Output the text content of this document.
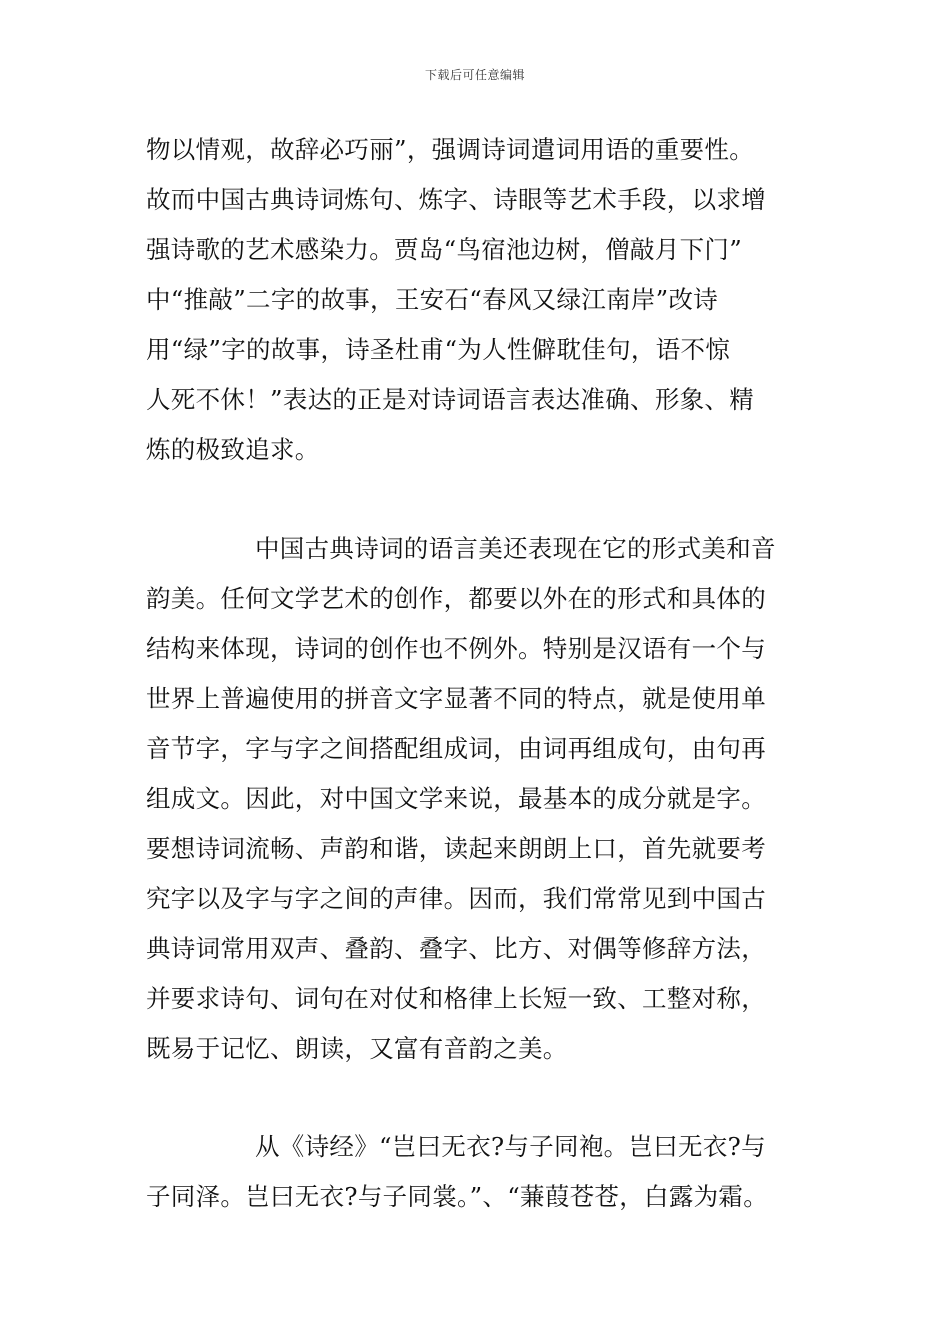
下载后可任意编辑
物以情观，故辞必巧丽”，强调诗词遣词用语的重要性。
故而中国古典诗词炼句、炼字、诗眼等艺术手段，以求增
强诗歌的艺术感染力。贾岛“鸟宿池边树，僧敲月下门”
中“推敲”二字的故事，王安石“春风又绿江南岸”改诗
用“绿”字的故事，诗圣杜甫“为人性僻耽佳句，语不惊
人死不休！”表达的正是对诗词语言表达准确、形象、精
炼的极致追求。
中国古典诗词的语言美还表现在它的形式美和音
韵美。任何文学艺术的创作，都要以外在的形式和具体的
结构来体现，诗词的创作也不例外。特别是汉语有一个与
世界上普遍使用的拼音文字显著不同的特点，就是使用单
音节字，字与字之间搭配组成词，由词再组成句，由句再
组成文。因此，对中国文学来说，最基本的成分就是字。
要想诗词流畅、声韵和谐，读起来朗朗上口，首先就要考
究字以及字与字之间的声律。因而，我们常常见到中国古
典诗词常用双声、叠韵、叠字、比方、对偶等修辞方法，
并要求诗句、词句在对仗和格律上长短一致、工整对称，
既易于记忆、朗读，又富有音韵之美。
从《诗经》“岂曰无衣?与子同袍。岂曰无衣?与
子同泽。岂曰无衣?与子同裳。”、“蒹葭苍苍，白露为霜。
